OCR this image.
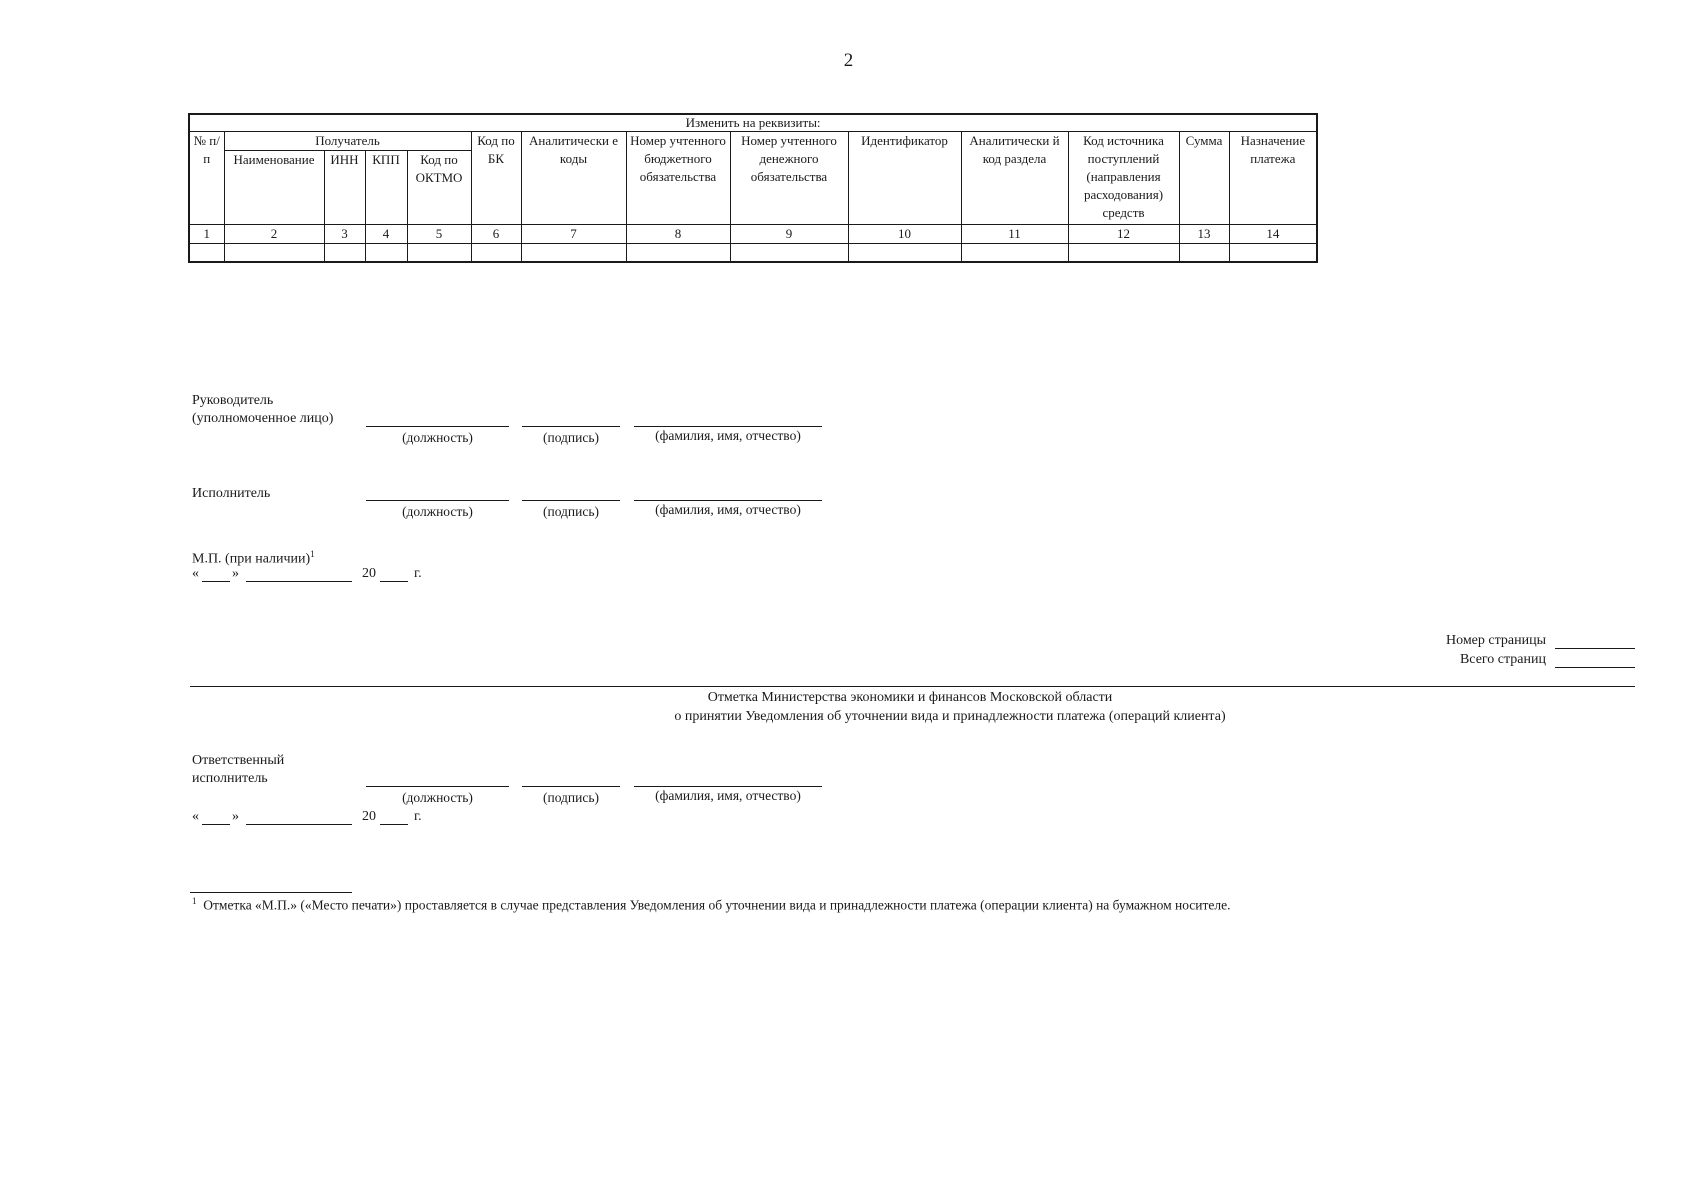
2
Изменить на реквизиты:													
№ п/п	Получатель				Код по БК	Аналитически е коды	Номер учтенного бюджетного обязательства	Номер учтенного денежного обязательства	Идентификатор	Аналитически й код раздела	Код источника поступлений (направления расходования) средств	Сумма	Назначение платежа
	Наименование	ИНН	КПП	Код по ОКТМО									
1	2	3	4	5	6	7	8	9	10	11	12	13	14

Руководитель
(уполномоченное лицо)
(должность)	(подпись)	(фамилия, имя, отчество)
Исполнитель
(должность)	(подпись)	(фамилия, имя, отчество)
М.П. (при наличии)$^1$
« »	20	г.
Номер страницы
Всего страниц
Отметка Министерства экономики и финансов Московской области
о принятии Уведомления об уточнении вида и принадлежности платежа (операций клиента)
Ответственный
исполнитель
(должность)	(подпись)	(фамилия, имя, отчество)
« »	20	г.
$^1$ Отметка «М.П.» («Место печати») проставляется в случае представления Уведомления об уточнении вида и принадлежности платежа (операции клиента) на бумажном носителе.
